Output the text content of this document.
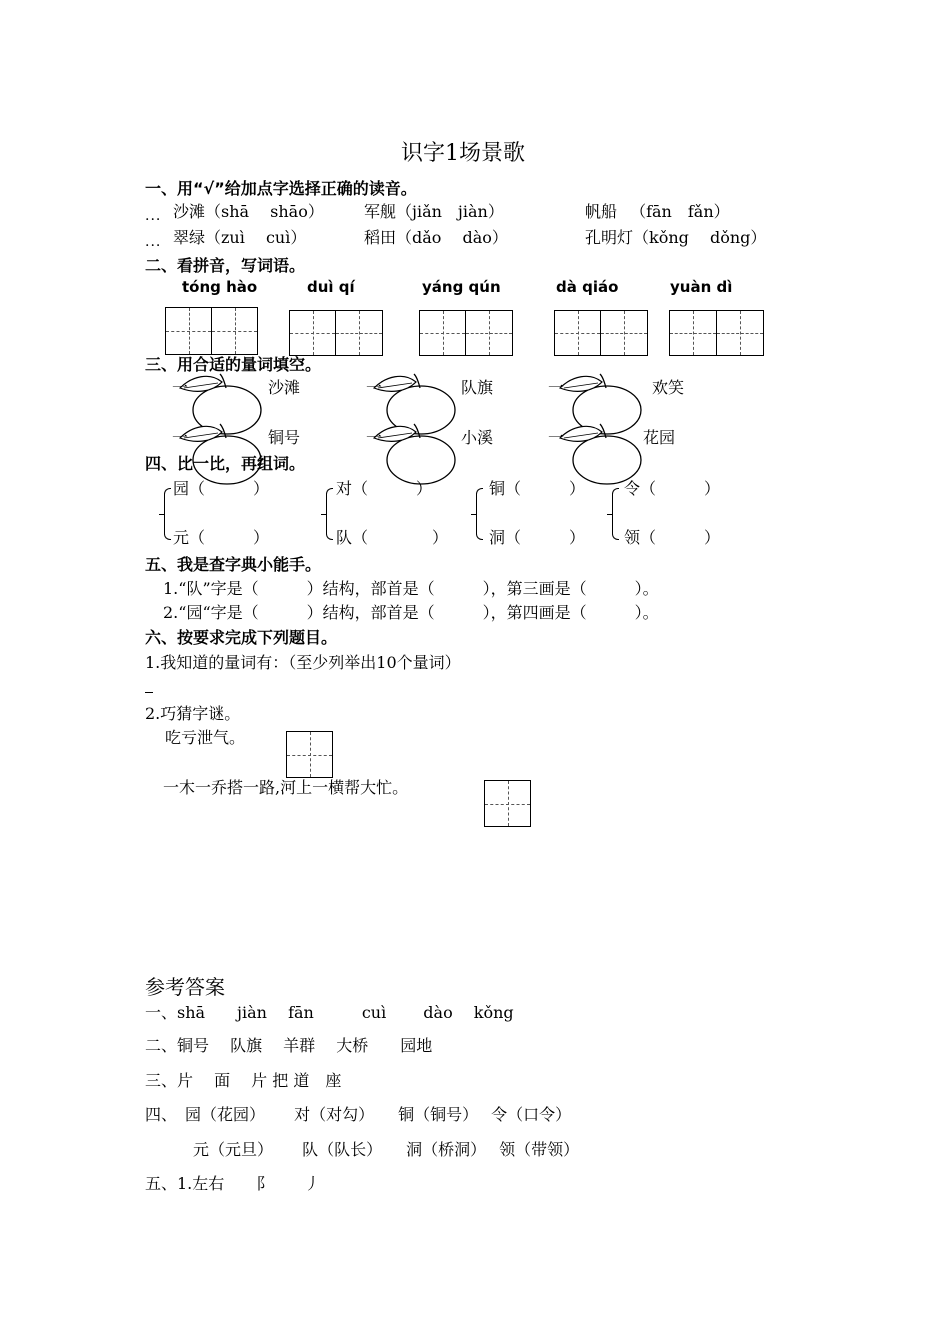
识字1场景歌
一、用“√”给加点字选择正确的读音。
... 沙滩（shā　 shāo）	军舰（jiǎn　jiàn）	帆船 　（fān　fǎn）
... 翠绿（zuì　 cuì）	稻田（dǎo　 dào）	孔明灯（kǒng　 dǒng）
二、看拼音，写词语。
tóng hào	duì qí	yáng qún	dà qiáo	yuàn dì
三、用合适的量词填空。
一	沙滩	一	队旗	一	欢笑
一	铜号	一	小溪	一	花园
四、比一比，再组词。
园（　　　）	对（　　　）	铜（　　　） 令（　　　）
元（　　　）	队（　　　　）	洞（　　　） 领（　　　）
五、我是查字典小能手。
1.“队”字是（　　　）结构，部首是（　　　），第三画是（　　　）。
2.“园“字是（　　　）结构，部首是（　　　），第四画是（　　　）。
六、按要求完成下列题目。
1.我知道的量词有：（至少列举出10个量词）
2.巧猜字谜。
吃亏泄气。
一木一乔搭一路,河上一横帮大忙。
参考答案
一、shā　　jiàn　 fān　　　cuì　　 dào　 kǒng
二、铜号　 队旗　 羊群　 大桥　　园地
三、片　 面　 片 把 道　座
四、　园（花园）　　 对（对勾）　　铜（铜号）　 令（口令）
元（元旦）　　 队（队长）　　洞（桥洞）　 领（带领）
五、1.左右　　阝　　丿
